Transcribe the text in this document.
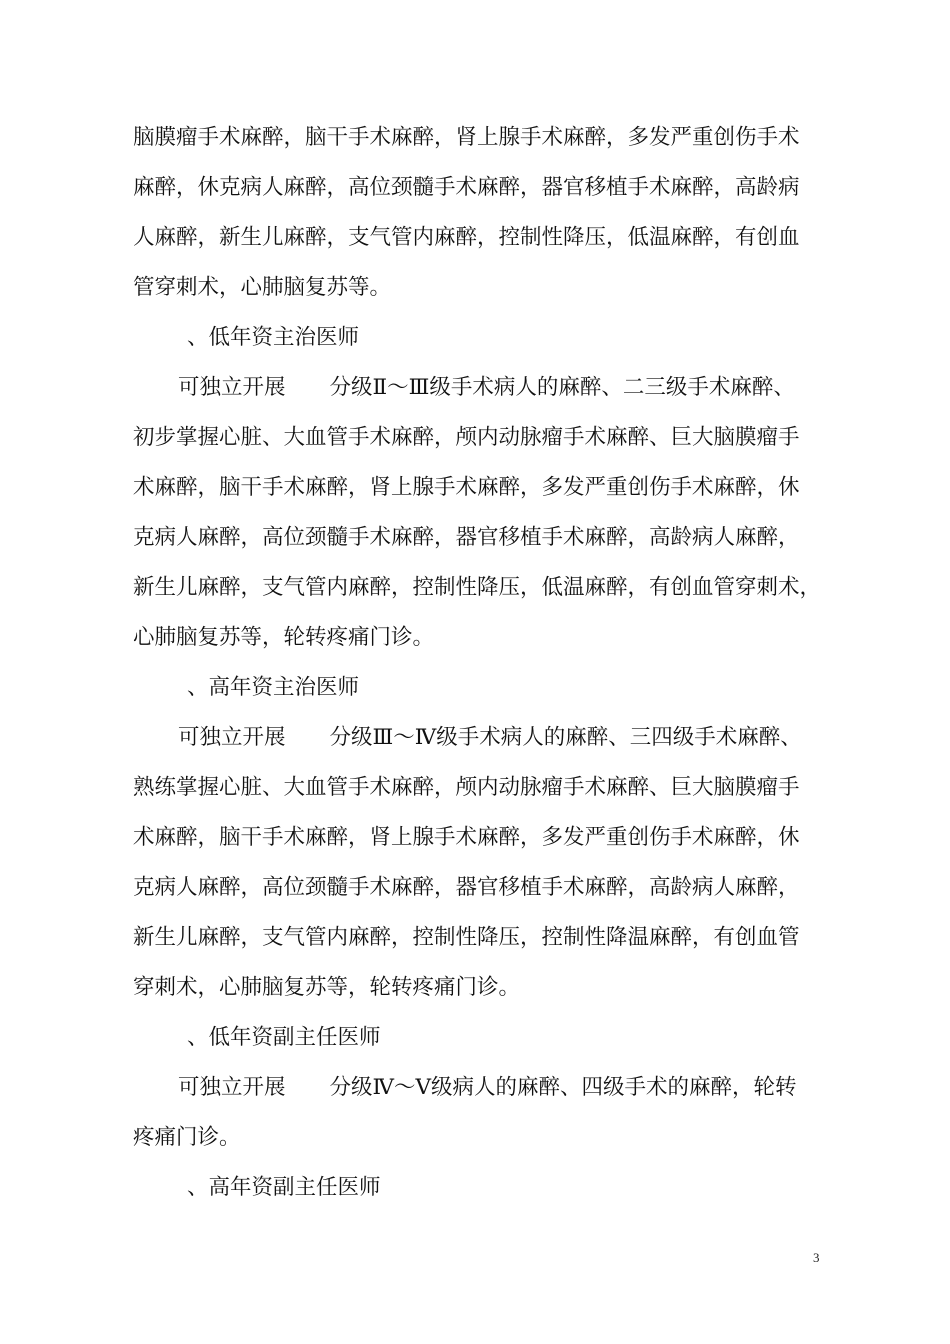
脑膜瘤手术麻醉，脑干手术麻醉，肾上腺手术麻醉，多发严重创伤手术
麻醉，休克病人麻醉，高位颈髓手术麻醉，器官移植手术麻醉，高龄病
人麻醉，新生儿麻醉，支气管内麻醉，控制性降压，低温麻醉，有创血
管穿刺术，心肺脑复苏等。

、低年资主治医师

可独立开展 分级Ⅱ～Ⅲ级手术病人的麻醉、二三级手术麻醉、
初步掌握心脏、大血管手术麻醉，颅内动脉瘤手术麻醉、巨大脑膜瘤手
术麻醉，脑干手术麻醉，肾上腺手术麻醉，多发严重创伤手术麻醉，休
克病人麻醉，高位颈髓手术麻醉，器官移植手术麻醉，高龄病人麻醉，
新生儿麻醉，支气管内麻醉，控制性降压，低温麻醉，有创血管穿刺术，
心肺脑复苏等，轮转疼痛门诊。

、高年资主治医师

可独立开展 分级Ⅲ～Ⅳ级手术病人的麻醉、三四级手术麻醉、
熟练掌握心脏、大血管手术麻醉，颅内动脉瘤手术麻醉、巨大脑膜瘤手
术麻醉，脑干手术麻醉，肾上腺手术麻醉，多发严重创伤手术麻醉，休
克病人麻醉，高位颈髓手术麻醉，器官移植手术麻醉，高龄病人麻醉，
新生儿麻醉，支气管内麻醉，控制性降压，控制性降温麻醉，有创血管
穿刺术，心肺脑复苏等，轮转疼痛门诊。

、低年资副主任医师

可独立开展 分级Ⅳ～Ⅴ级病人的麻醉、四级手术的麻醉，轮转
疼痛门诊。

、高年资副主任医师

3
